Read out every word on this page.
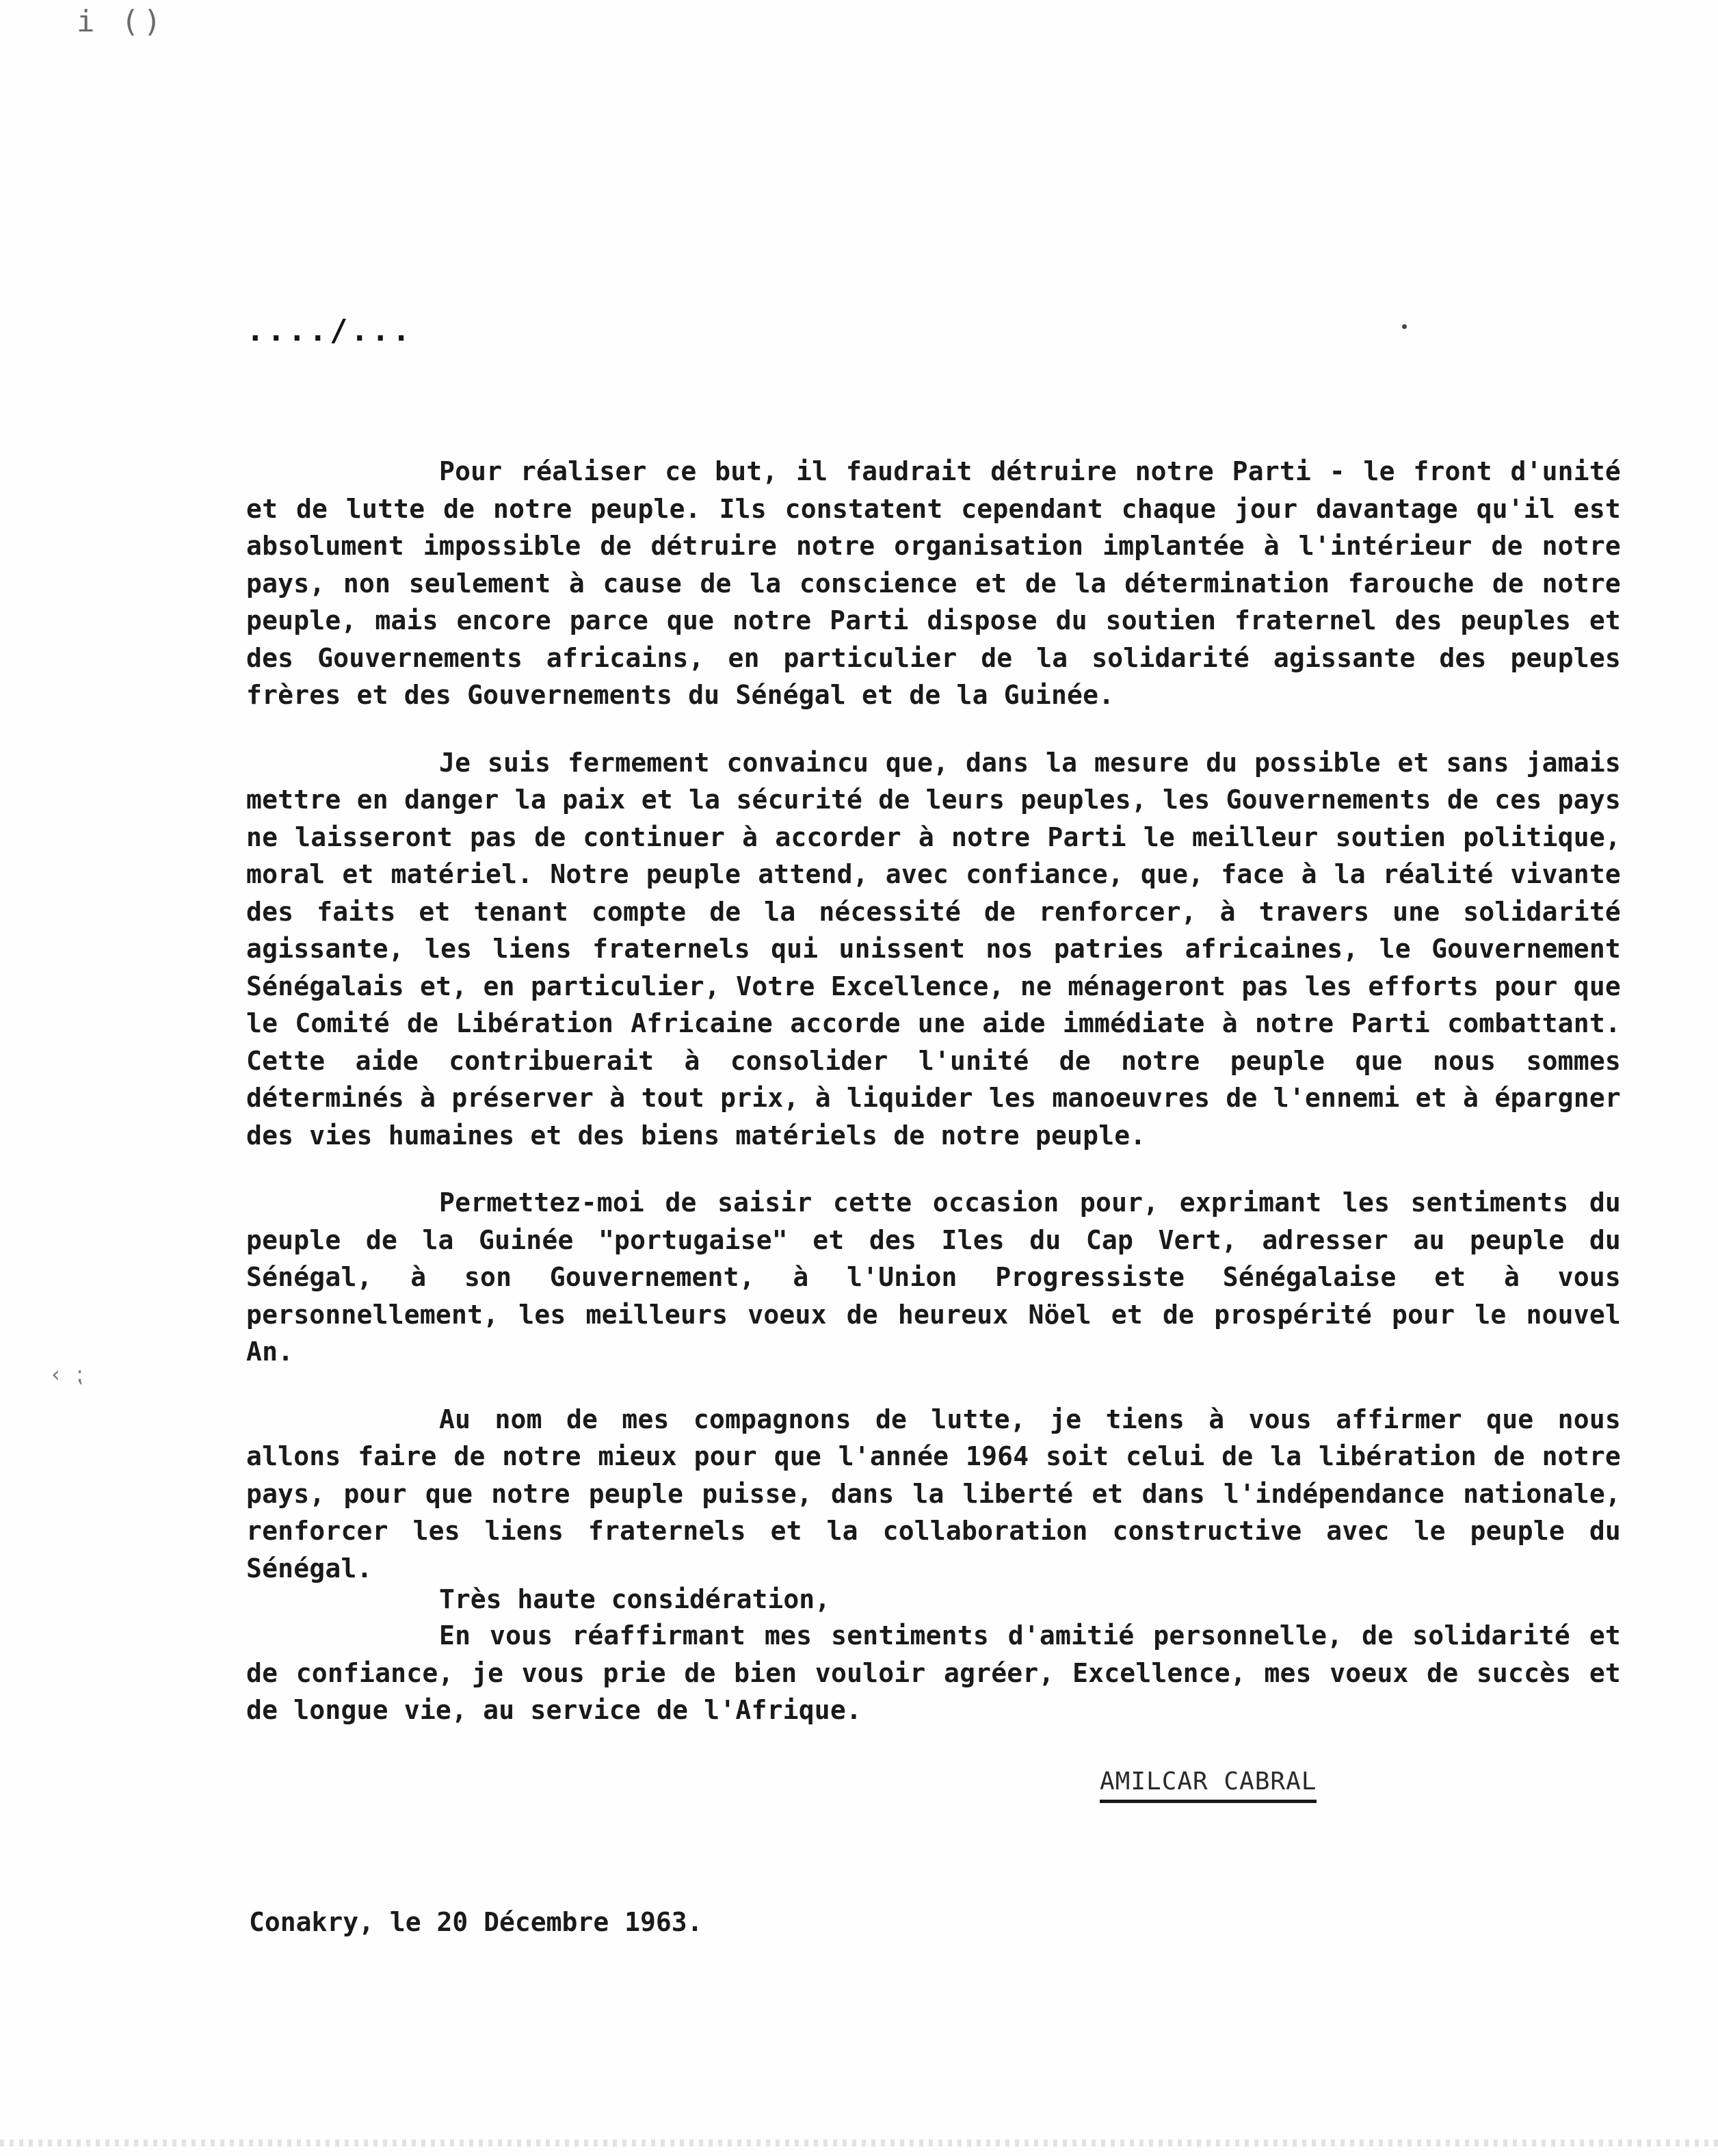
i ()
..../...
‹ ⁏

Pour réaliser ce but, il faudrait détruire notre Parti - le front d'unité et de lutte de notre peuple. Ils constatent cependant chaque jour davantage qu'il est absolument impossible de détruire notre organisation implantée à l'intérieur de notre pays, non seulement à cause de la conscience et de la détermination farouche de notre peuple, mais encore parce que notre Parti dispose du soutien fraternel des peuples et des Gouvernements africains, en particulier de la solidarité agissante des peuples frères et des Gouvernements du Sénégal et de la Guinée.

Je suis fermement convaincu que, dans la mesure du possible et sans jamais mettre en danger la paix et la sécurité de leurs peuples, les Gouvernements de ces pays ne laisseront pas de continuer à accorder à notre Parti le meilleur soutien politique, moral et matériel. Notre peuple attend, avec confiance, que, face à la réalité vivante des faits et tenant compte de la nécessité de renforcer, à travers une solidarité agissante, les liens fraternels qui unissent nos patries africaines, le Gouvernement Sénégalais et, en particulier, Votre Excellence, ne ménageront pas les efforts pour que le Comité de Libération Africaine accorde une aide immédiate à notre Parti combattant. Cette aide contribuerait à consolider l'unité de notre peuple que nous sommes déterminés à préserver à tout prix, à liquider les manoeuvres de l'ennemi et à épargner des vies humaines et des biens matériels de notre peuple.

Permettez-moi de saisir cette occasion pour, exprimant les sentiments du peuple de la Guinée "portugaise" et des Iles du Cap Vert, adresser au peuple du Sénégal, à son Gouvernement, à l'Union Progressiste Sénégalaise et à vous personnellement, les meilleurs voeux de heureux Nöel et de prospérité pour le nouvel An.

Au nom de mes compagnons de lutte, je tiens à vous affirmer que nous allons faire de notre mieux pour que l'année 1964 soit celui de la libération de notre pays, pour que notre peuple puisse, dans la liberté et dans l'indépendance nationale, renforcer les liens fraternels et la collaboration constructive avec le peuple du Sénégal.

En vous réaffirmant mes sentiments d'amitié personnelle, de solidarité et de confiance, je vous prie de bien vouloir agréer, Excellence, mes voeux de succès et de longue vie, au service de l'Afrique.

Très haute considération,
AMILCAR CABRAL
Conakry, le 20 Décembre 1963.
